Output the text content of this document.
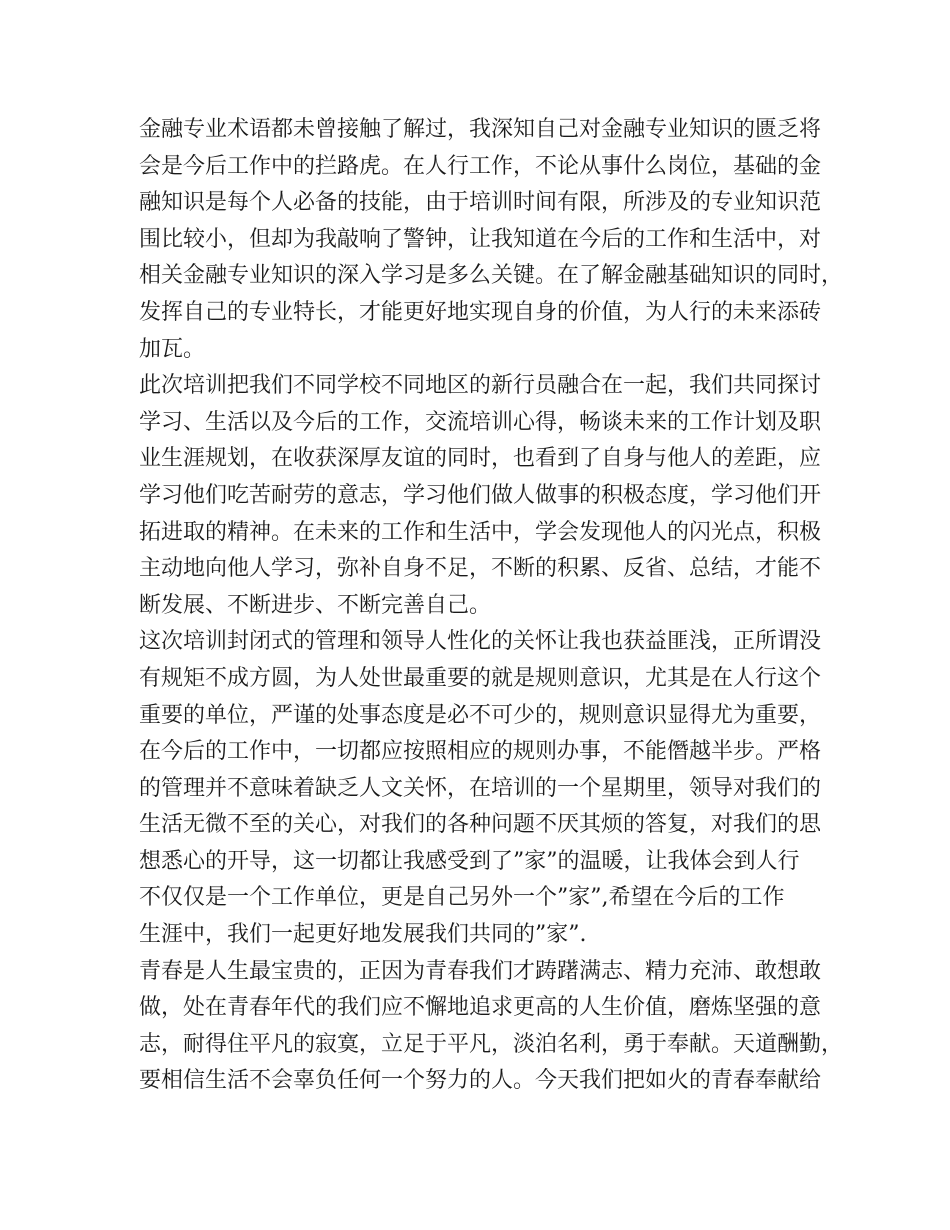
金融专业术语都未曾接触了解过，我深知自己对金融专业知识的匮乏将
会是今后工作中的拦路虎。在人行工作，不论从事什么岗位，基础的金
融知识是每个人必备的技能，由于培训时间有限，所涉及的专业知识范
围比较小，但却为我敲响了警钟，让我知道在今后的工作和生活中，对
相关金融专业知识的深入学习是多么关键。在了解金融基础知识的同时，
发挥自己的专业特长，才能更好地实现自身的价值，为人行的未来添砖
加瓦。
此次培训把我们不同学校不同地区的新行员融合在一起，我们共同探讨
学习、生活以及今后的工作，交流培训心得，畅谈未来的工作计划及职
业生涯规划，在收获深厚友谊的同时，也看到了自身与他人的差距，应
学习他们吃苦耐劳的意志，学习他们做人做事的积极态度，学习他们开
拓进取的精神。在未来的工作和生活中，学会发现他人的闪光点，积极
主动地向他人学习，弥补自身不足，不断的积累、反省、总结，才能不
断发展、不断进步、不断完善自己。
这次培训封闭式的管理和领导人性化的关怀让我也获益匪浅，正所谓没
有规矩不成方圆，为人处世最重要的就是规则意识，尤其是在人行这个
重要的单位，严谨的处事态度是必不可少的，规则意识显得尤为重要，
在今后的工作中，一切都应按照相应的规则办事，不能僭越半步。严格
的管理并不意味着缺乏人文关怀，在培训的一个星期里，领导对我们的
生活无微不至的关心，对我们的各种问题不厌其烦的答复，对我们的思
想悉心的开导，这一切都让我感受到了”家”的温暖，让我体会到人行
不仅仅是一个工作单位，更是自己另外一个”家”,希望在今后的工作
生涯中，我们一起更好地发展我们共同的”家”.
青春是人生最宝贵的，正因为青春我们才踌躇满志、精力充沛、敢想敢
做，处在青春年代的我们应不懈地追求更高的人生价值，磨炼坚强的意
志，耐得住平凡的寂寞，立足于平凡，淡泊名利，勇于奉献。天道酬勤，
要相信生活不会辜负任何一个努力的人。今天我们把如火的青春奉献给
